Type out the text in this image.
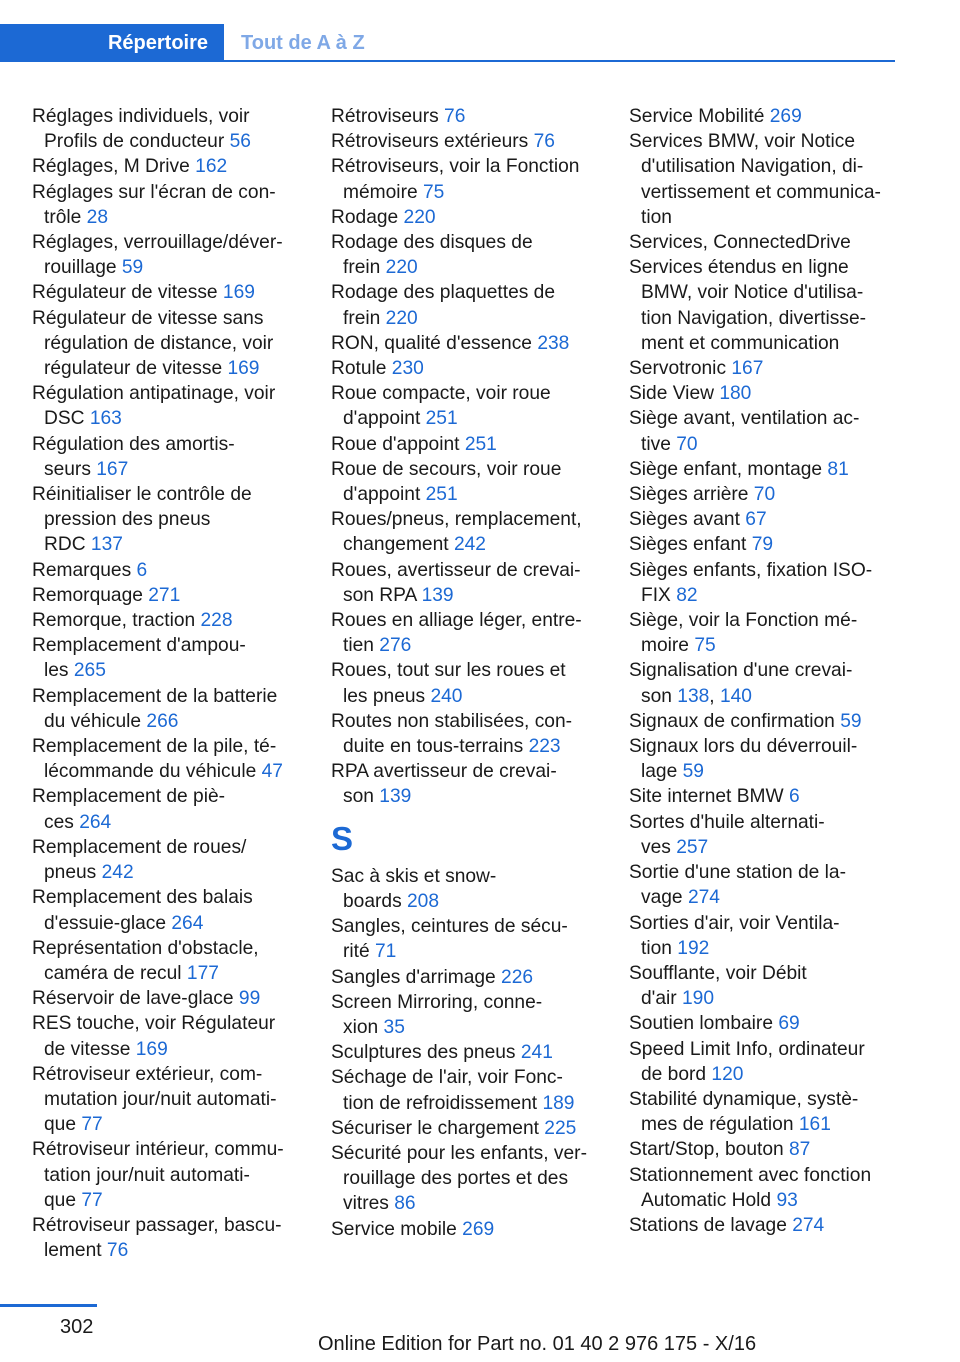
Répertoire	Tout de A à Z
Réglages individuels, voir
Profils de conducteur 56
Réglages, M Drive 162
Réglages sur l'écran de con‐
trôle 28
Réglages, verrouillage/déver‐
rouillage 59
Régulateur de vitesse 169
Régulateur de vitesse sans
régulation de distance, voir
régulateur de vitesse 169
Régulation antipatinage, voir
DSC 163
Régulation des amortis‐
seurs 167
Réinitialiser le contrôle de
pression des pneus
RDC 137
Remarques 6
Remorquage 271
Remorque, traction 228
Remplacement d'ampou‐
les 265
Remplacement de la batterie
du véhicule 266
Remplacement de la pile, té‐
lécommande du véhicule 47
Remplacement de piè‐
ces 264
Remplacement de roues/
pneus 242
Remplacement des balais
d'essuie-glace 264
Représentation d'obstacle,
caméra de recul 177
Réservoir de lave-glace 99
RES touche, voir Régulateur
de vitesse 169
Rétroviseur extérieur, com‐
mutation jour/nuit automati‐
que 77
Rétroviseur intérieur, commu‐
tation jour/nuit automati‐
que 77
Rétroviseur passager, bascu‐
lement 76
Rétroviseurs 76
Rétroviseurs extérieurs 76
Rétroviseurs, voir la Fonction
mémoire 75
Rodage 220
Rodage des disques de
frein 220
Rodage des plaquettes de
frein 220
RON, qualité d'essence 238
Rotule 230
Roue compacte, voir roue
d'appoint 251
Roue d'appoint 251
Roue de secours, voir roue
d'appoint 251
Roues/pneus, remplacement,
changement 242
Roues, avertisseur de crevai‐
son RPA 139
Roues en alliage léger, entre‐
tien 276
Roues, tout sur les roues et
les pneus 240
Routes non stabilisées, con‐
duite en tous-terrains 223
RPA avertisseur de crevai‐
son 139
S
Sac à skis et snow‐
boards 208
Sangles, ceintures de sécu‐
rité 71
Sangles d'arrimage 226
Screen Mirroring, conne‐
xion 35
Sculptures des pneus 241
Séchage de l'air, voir Fonc‐
tion de refroidissement 189
Sécuriser le chargement 225
Sécurité pour les enfants, ver‐
rouillage des portes et des
vitres 86
Service mobile 269
Service Mobilité 269
Services BMW, voir Notice
d'utilisation Navigation, di‐
vertissement et communica‐
tion
Services, ConnectedDrive
Services étendus en ligne
BMW, voir Notice d'utilisa‐
tion Navigation, divertisse‐
ment et communication
Servotronic 167
Side View 180
Siège avant, ventilation ac‐
tive 70
Siège enfant, montage 81
Sièges arrière 70
Sièges avant 67
Sièges enfant 79
Sièges enfants, fixation ISO‐
FIX 82
Siège, voir la Fonction mé‐
moire 75
Signalisation d'une crevai‐
son 138, 140
Signaux de confirmation 59
Signaux lors du déverrouil‐
lage 59
Site internet BMW 6
Sortes d'huile alternati‐
ves 257
Sortie d'une station de la‐
vage 274
Sorties d'air, voir Ventila‐
tion 192
Soufflante, voir Débit
d'air 190
Soutien lombaire 69
Speed Limit Info, ordinateur
de bord 120
Stabilité dynamique, systè‐
mes de régulation 161
Start/Stop, bouton 87
Stationnement avec fonction
Automatic Hold 93
Stations de lavage 274
302
Online Edition for Part no. 01 40 2 976 175 - X/16
